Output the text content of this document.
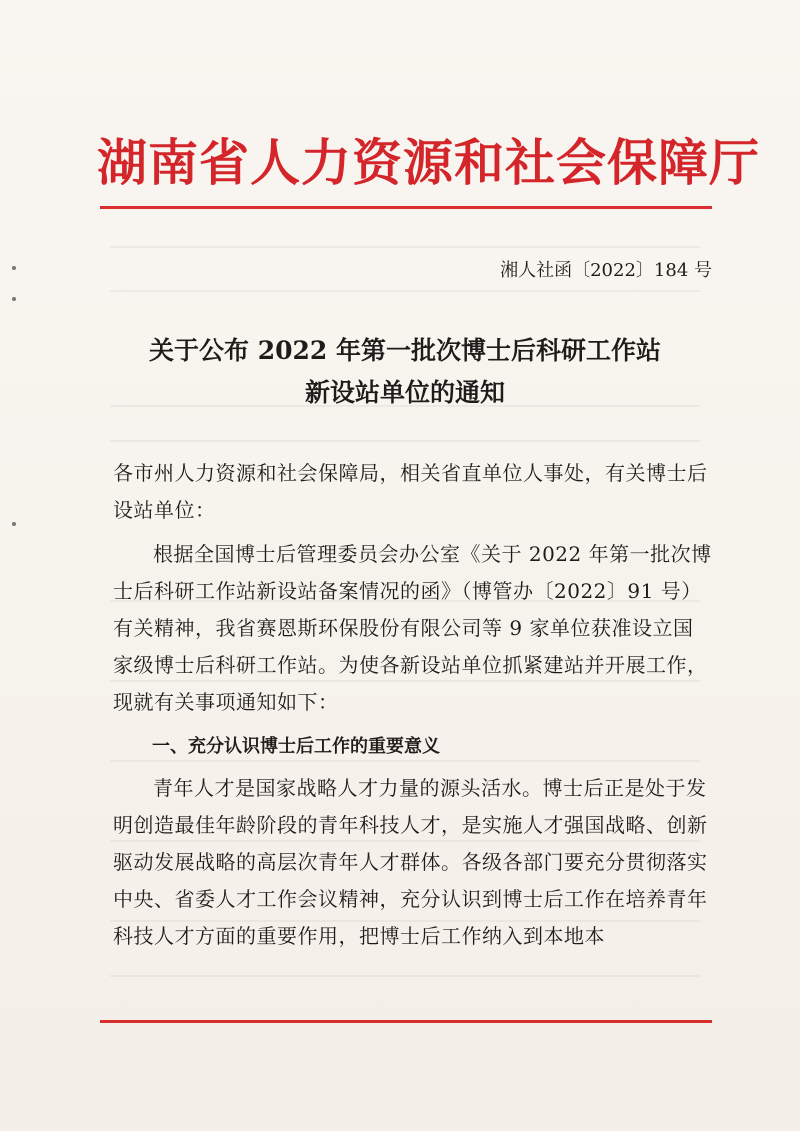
湖南省人力资源和社会保障厅
湘人社函〔2022〕184 号
关于公布 2022 年第一批次博士后科研工作站
新设站单位的通知
各市州人力资源和社会保障局，相关省直单位人事处，有关博士后设站单位：
根据全国博士后管理委员会办公室《关于 2022 年第一批次博士后科研工作站新设站备案情况的函》（博管办〔2022〕91 号）有关精神，我省赛恩斯环保股份有限公司等 9 家单位获准设立国家级博士后科研工作站。为使各新设站单位抓紧建站并开展工作，现就有关事项通知如下：
一、充分认识博士后工作的重要意义
青年人才是国家战略人才力量的源头活水。博士后正是处于发明创造最佳年龄阶段的青年科技人才，是实施人才强国战略、创新驱动发展战略的高层次青年人才群体。各级各部门要充分贯彻落实中央、省委人才工作会议精神，充分认识到博士后工作在培养青年科技人才方面的重要作用，把博士后工作纳入到本地本
